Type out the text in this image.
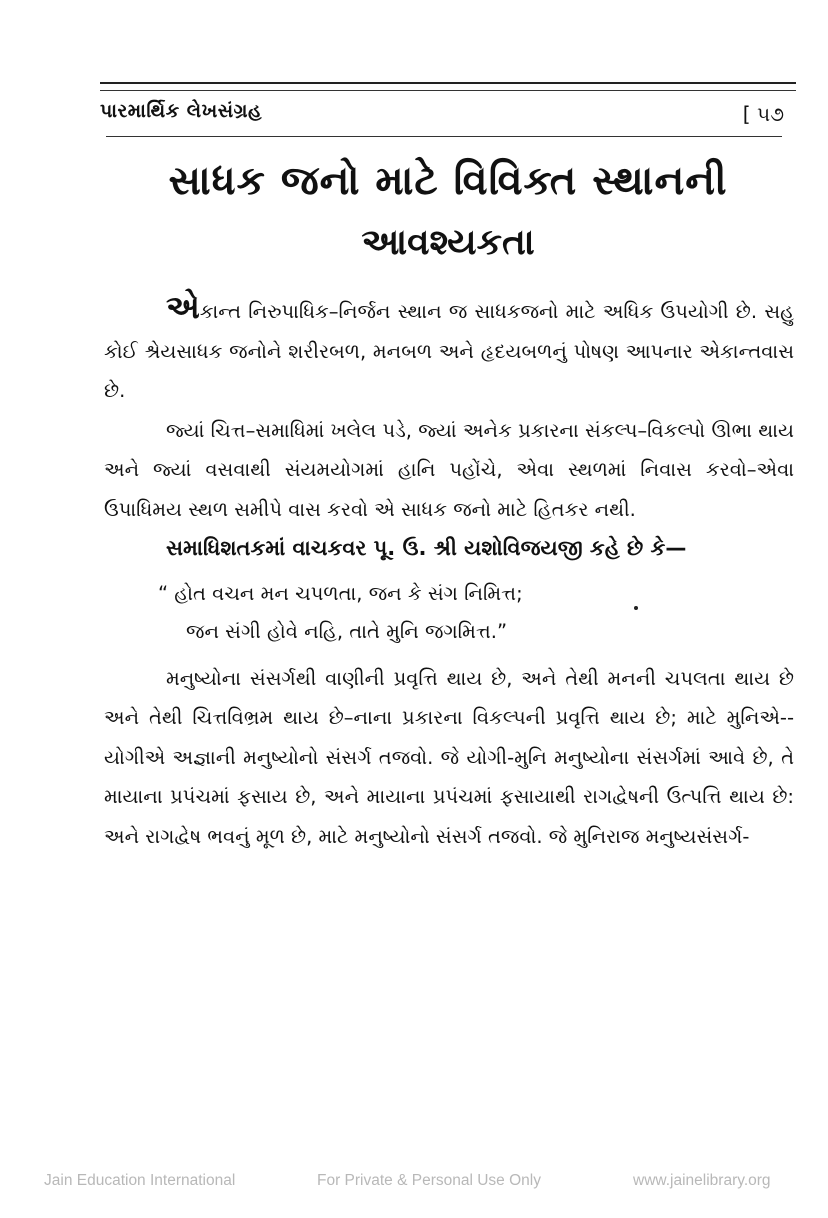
પારમાર્થિક લેખસંગ્રહ	[ ૫૭
સાધક જનો માટે વિવિક્ત સ્થાનની
આવશ્યકતા

એકાન્ત નિરુપાધિક–નિર્જન સ્થાન જ સાધકજનો માટે અધિક ઉપયોગી છે. સહુ કોઈ શ્રેયસાધક જનોને શરીરબળ, મનબળ અને હૃદયબળનું પોષણ આપનાર એકાન્તવાસ છે.

જ્યાં ચિત્ત–સમાધિમાં ખલેલ પડે, જ્યાં અનેક પ્રકારના સંકલ્પ–વિકલ્પો ઊભા થાય અને જ્યાં વસવાથી સંયમયોગમાં હાનિ પહોંચે, એવા સ્થળમાં નિવાસ કરવો–એવા ઉપાધિમય સ્થળ સમીપે વાસ કરવો એ સાધક જનો માટે હિતકર નથી.

સમાધિશતકમાં વાચકવર પૂ. ઉ. શ્રી યશોવિજયજી કહે છે કે—

“ હોત વચન મન ચપળતા, જન કે સંગ નિમિત્ત;
જન સંગી હોવે નહિ, તાતે મુનિ જગમિત્ત.”

મનુષ્યોના સંસર્ગથી વાણીની પ્રવૃત્તિ થાય છે, અને તેથી મનની ચપલતા થાય છે અને તેથી ચિત્તવિભ્રમ થાય છે–નાના પ્રકારના વિકલ્પની પ્રવૃત્તિ થાય છે; માટે મુનિએ--યોગીએ અજ્ઞાની મનુષ્યોનો સંસર્ગ તજવો. જે યોગી-મુનિ મનુષ્યોના સંસર્ગમાં આવે છે, તે માયાના પ્રપંચમાં ફસાય છે, અને માયાના પ્રપંચમાં ફસાયાથી રાગદ્વેષની ઉત્પત્તિ થાય છે: અને રાગદ્વેષ ભવનું મૂળ છે, માટે મનુષ્યોનો સંસર્ગ તજવો. જે મુનિરાજ મનુષ્યસંસર્ગ-

Jain Education International	For Private & Personal Use Only	www.jainelibrary.org
